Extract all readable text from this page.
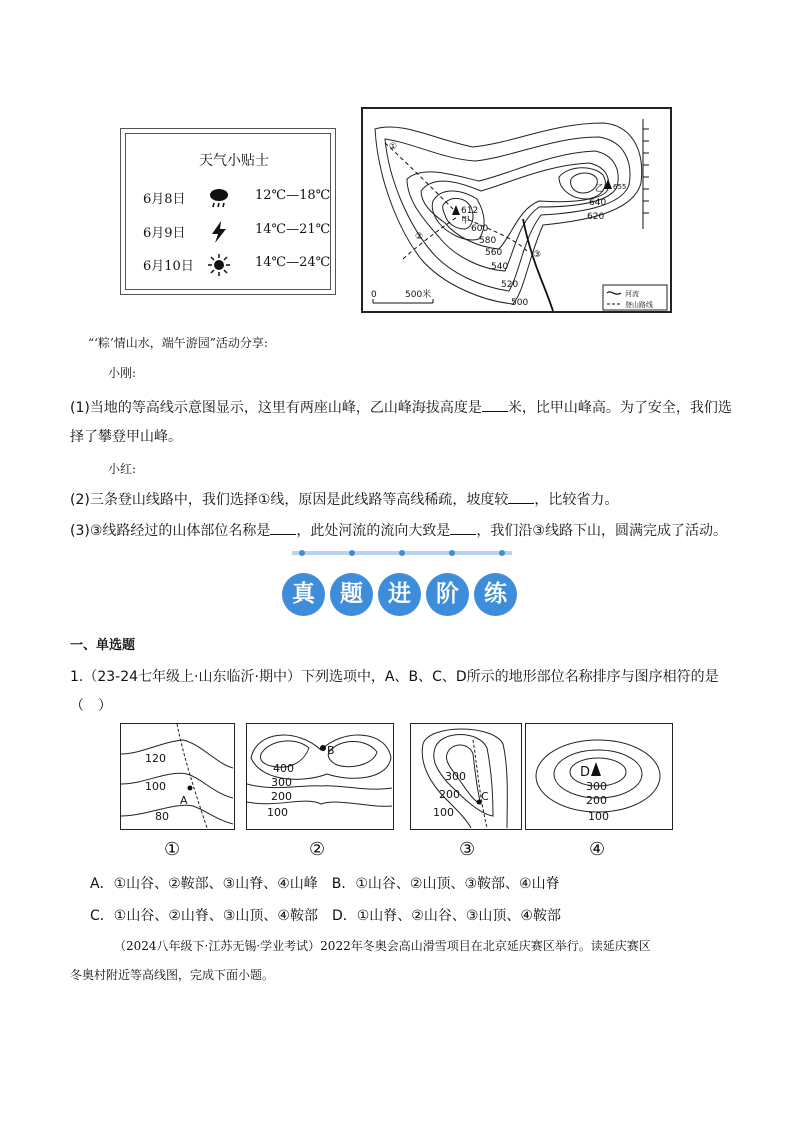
天气小贴士
6月8日	12℃—18℃
6月9日	14℃—21℃
6月10日	14℃—24℃
①
②
③
612
甲
乙 655
640
620
600
580
560
540
520
500
0	500米	河流
登山路线
“‘粽’情山水，端午游园”活动分享:
小刚:
(1)当地的等高线示意图显示，这里有两座山峰，乙山峰海拔高度是 米，比甲山峰高。为了安全，我们选
择了攀登甲山峰。
小红:
(2)三条登山线路中，我们选择①线，原因是此线路等高线稀疏，坡度较 ，比较省力。
(3)③线路经过的山体部位名称是 ，此处河流的流向大致是 ，我们沿③线路下山，圆满完成了活动。
真	题	进	阶	练
一、单选题
1.（23-24七年级上·山东临沂·期中）下列选项中，A、B、C、D所示的地形部位名称排序与图序相符的是
（　）
120
100
80
A
B
400
300
200
100
C
300
200
100
D
300
200
100
①	②	③	④
A．①山谷、②鞍部、③山脊、④山峰　B．①山谷、②山顶、③鞍部、④山脊
C．①山谷、②山脊、③山顶、④鞍部　D．①山脊、②山谷、③山顶、④鞍部
（2024八年级下·江苏无锡·学业考试）2022年冬奥会高山滑雪项目在北京延庆赛区举行。读延庆赛区
冬奥村附近等高线图，完成下面小题。
